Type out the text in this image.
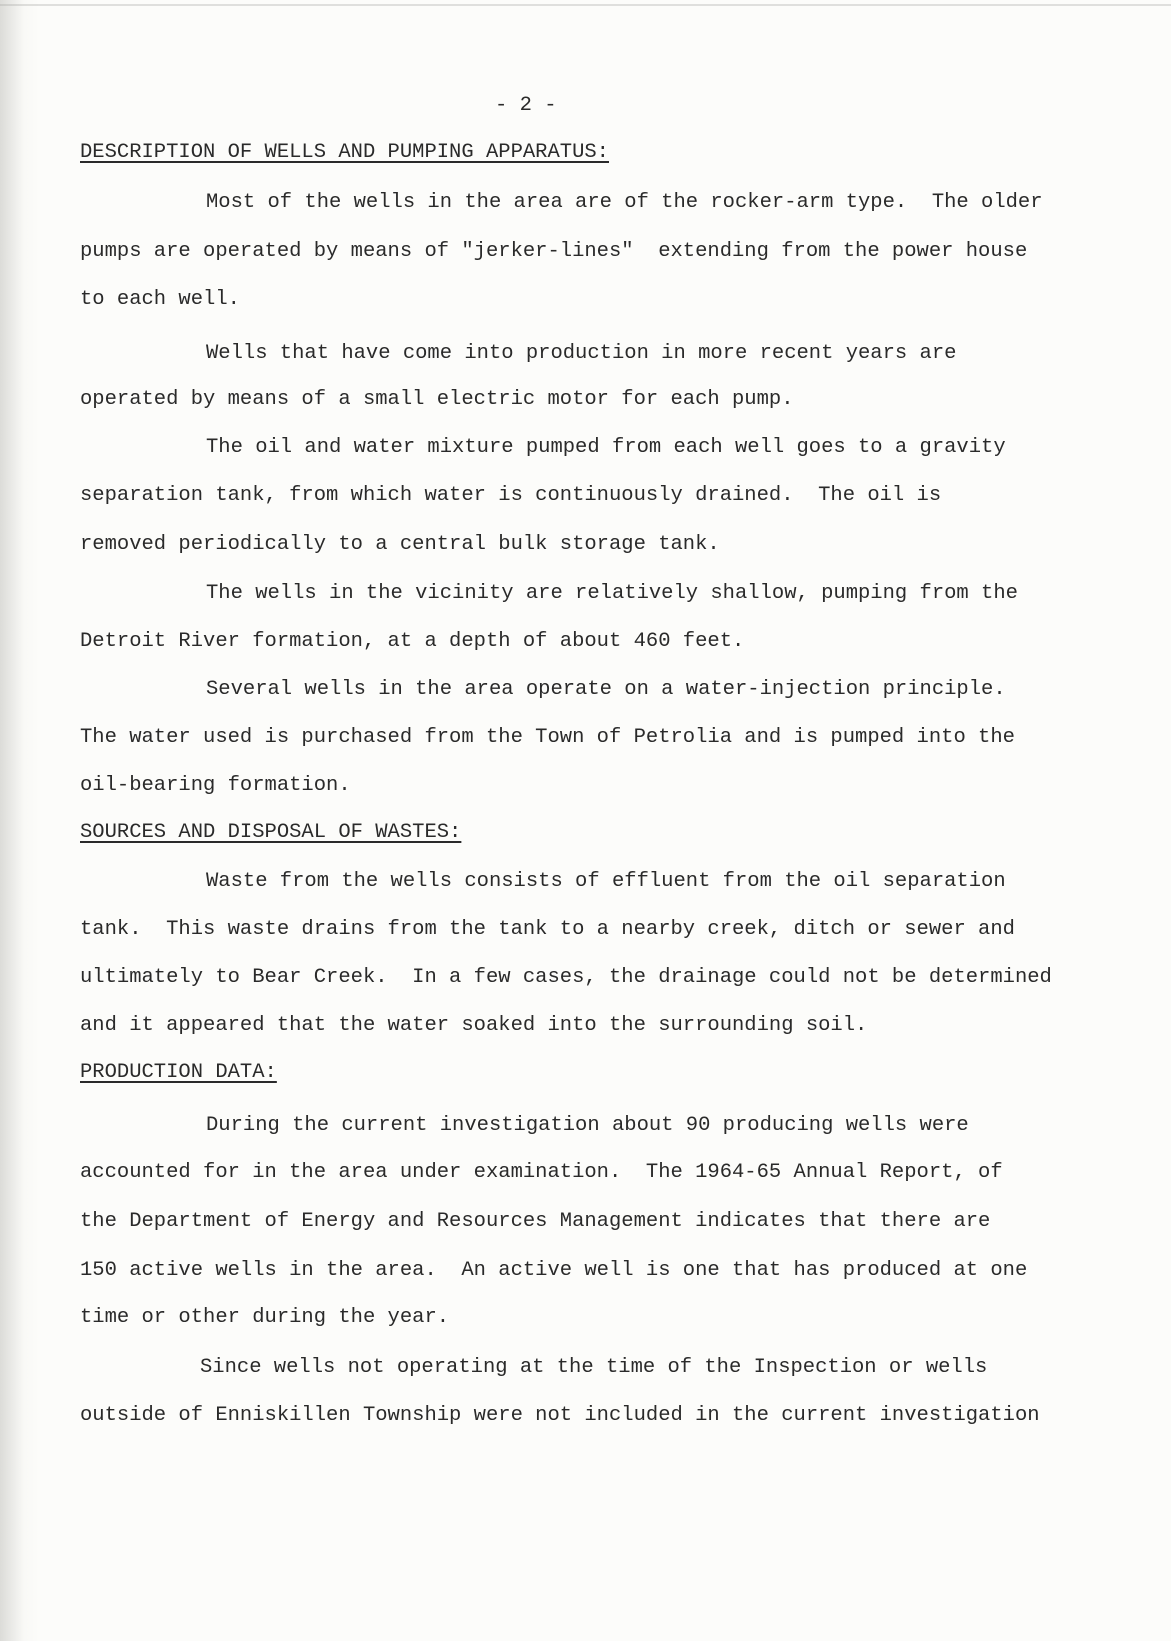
- 2 -
DESCRIPTION OF WELLS AND PUMPING APPARATUS:
Most of the wells in the area are of the rocker-arm type.  The older
pumps are operated by means of "jerker-lines"  extending from the power house
to each well.
Wells that have come into production in more recent years are
operated by means of a small electric motor for each pump.
The oil and water mixture pumped from each well goes to a gravity
separation tank, from which water is continuously drained.  The oil is
removed periodically to a central bulk storage tank.
The wells in the vicinity are relatively shallow, pumping from the
Detroit River formation, at a depth of about 460 feet.
Several wells in the area operate on a water-injection principle.
The water used is purchased from the Town of Petrolia and is pumped into the
oil-bearing formation.
SOURCES AND DISPOSAL OF WASTES:
Waste from the wells consists of effluent from the oil separation
tank.  This waste drains from the tank to a nearby creek, ditch or sewer and
ultimately to Bear Creek.  In a few cases, the drainage could not be determined
and it appeared that the water soaked into the surrounding soil.
PRODUCTION DATA:
During the current investigation about 90 producing wells were
accounted for in the area under examination.  The 1964-65 Annual Report, of
the Department of Energy and Resources Management indicates that there are
150 active wells in the area.  An active well is one that has produced at one
time or other during the year.
Since wells not operating at the time of the Inspection or wells
outside of Enniskillen Township were not included in the current investigation
